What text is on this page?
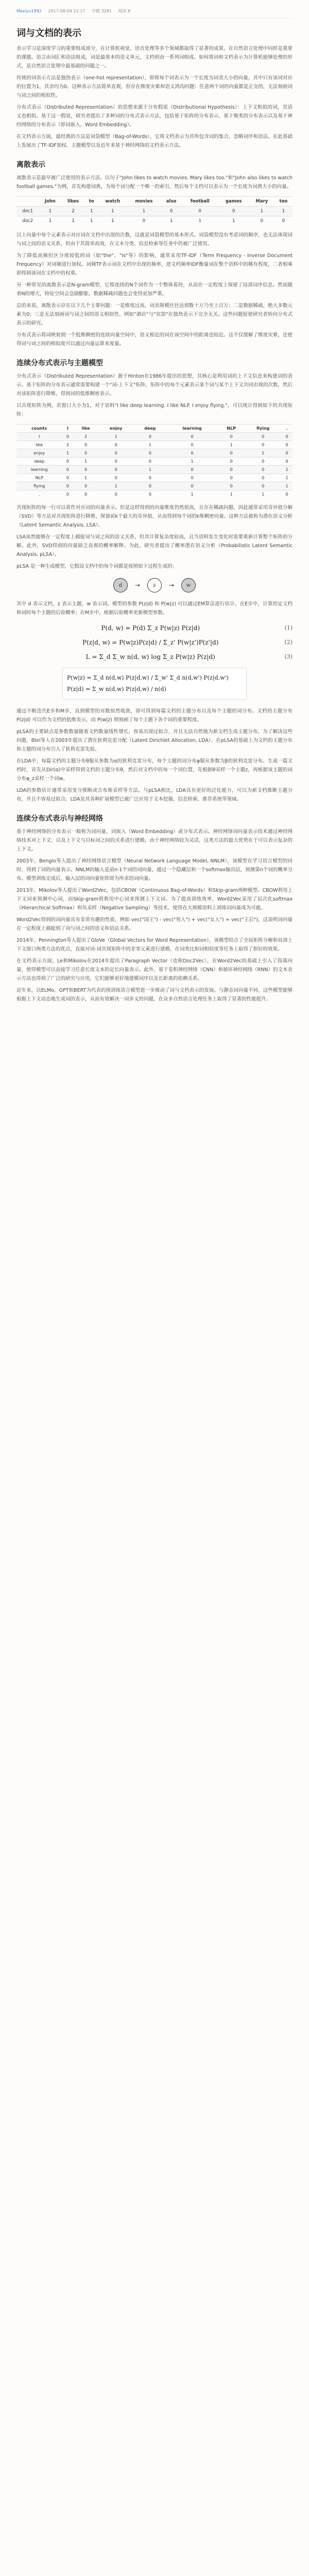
Mexiyu1992 2017-08-04 21:17 字数 3281 阅读 8
词与文档的表示

表示学习是深度学习的重要组成部分，在计算机视觉、语音处理等多个领域都取得了显著的成果，在自然语言处理中同样是重要的课题。语言由词汇和语法组成，词是最基本的语义单元，文档则由一系列词组成。如何将词和文档表示为计算机能够处理的形式，是自然语言处理中最基础的问题之一。

传统的词表示方法是独热表示（one-hot representation），即将每个词表示为一个长度为词表大小的向量，其中只有该词对应的位置为1，其余均为0。这种表示方法简单直观，但存在维度灾难和语义鸿沟问题：任意两个词的向量都是正交的，无法刻画词与词之间的相似性。

分布式表示（Distributed Representation）的思想来源于分布假说（Distributional Hypothesis）：上下文相似的词，其语义也相似。基于这一假说，研究者提出了多种词的分布式表示方法，包括基于矩阵的分布表示、基于聚类的分布表示以及基于神经网络的分布表示（即词嵌入，Word Embedding）。

在文档表示方面，最经典的方法是词袋模型（Bag-of-Words），它将文档表示为其所包含词的集合，忽略词序和语法。在此基础上发展出了TF-IDF加权、主题模型以及近年来基于神经网络的文档表示方法。

离散表示

离散表示是最早被广泛使用的表示方法。以句子"John likes to watch movies. Mary likes too."和"John also likes to watch football games."为例，首先构建词典，为每个词分配一个唯一的索引，然后每个文档可以表示为一个长度为词典大小的向量。

	John	likes	to	watch	movies	also	football	games	Mary	too
doc1	1	2	1	1	1	0	0	0	1	1
doc2	1	1	1	1	0	1	1	1	0	0

以上向量中每个元素表示对应词在文档中出现的次数，这就是词袋模型的基本形式。词袋模型没有考虑词的顺序，也无法体现词与词之间的语义关系，但由于其简单高效，在文本分类、信息检索等任务中仍被广泛使用。

为了降低高频但区分度较低的词（如"the"、"is"等）的影响，通常采用TF-IDF（Term Frequency - Inverse Document Frequency）对词频进行加权。词频TF表示词在文档中出现的频率，逆文档频率IDF衡量词在整个语料中的稀有程度，二者相乘即得到该词在文档中的权重。

另一种常见的离散表示是N-gram模型，它将连续的N个词作为一个整体看待，从而在一定程度上保留了局部词序信息。然而随着N的增大，特征空间会急剧膨胀，数据稀疏问题也会变得更加严重。

总的来说，离散表示存在以下几个主要问题：一是维度过高，词表规模往往达到数十万乃至上百万；二是数据稀疏，绝大多数元素为0；三是无法刻画词与词之间的语义相似性，例如"酒店"与"宾馆"在独热表示下完全无关。这些问题促使研究者转向分布式表示的研究。

分布式表示将词映射到一个低维稠密的连续向量空间中，语义相近的词在该空间中的距离也较近。这不仅缓解了维度灾难，还使得词与词之间的相似度可以通过向量运算来度量。

连续分布式表示与主题模型

分布式表示（Distributed Representation）源于Hinton在1986年提出的思想，其核心是利用词的上下文信息来构建词的表示。基于矩阵的分布表示通常需要构建一个"词-上下文"矩阵，矩阵中的每个元素表示某个词与某个上下文共同出现的次数，然后对该矩阵进行降维，得到词的低维稠密表示。

以共现矩阵为例，若窗口大小为1，对于语料"I like deep learning. I like NLP. I enjoy flying."，可以统计得到如下的共现矩阵：

counts	I	like	enjoy	deep	learning	NLP	flying	.
I	0	2	1	0	0	0	0	0
like	2	0	0	1	0	1	0	0
enjoy	1	0	0	0	0	0	1	0
deep	0	1	0	0	1	0	0	0
learning	0	0	0	1	0	0	0	1
NLP	0	1	0	0	0	0	0	1
flying	0	0	1	0	0	0	0	1
.	0	0	0	0	1	1	1	0

共现矩阵的每一行可以看作对应词的向量表示。但是这样得到的向量维度仍然很高，且存在稀疏问题。因此通常采用奇异值分解（SVD）等方法对共现矩阵进行降维，保留前k个最大的奇异值，从而得到每个词的k维稠密向量。这种方法被称为潜在语义分析（Latent Semantic Analysis, LSA）。

LSA虽然能够在一定程度上捕捉词与词之间的语义关系，但其计算复杂度较高，且当语料发生变化时需要重新计算整个矩阵的分解。此外，SVD得到的向量缺乏直观的概率解释。为此，研究者提出了概率潜在语义分析（Probabilistic Latent Semantic Analysis, pLSA）。

pLSA 是一种生成模型，它假设文档中的每个词都是按照如下过程生成的：

d	→	z	→	w

其中 d 表示文档，z 表示主题，w 表示词。模型的参数 P(z|d) 和 P(w|z) 可以通过EM算法进行估计。在E步中，计算给定文档和词时每个主题的后验概率；在M步中，根据后验概率更新模型参数。

P(d, w) = P(d) Σ_z P(w|z) P(z|d)	(1)
P(z|d, w) = P(w|z)P(z|d) / Σ_z' P(w|z')P(z'|d)	(2)
L = Σ_d Σ_w n(d, w) log Σ_z P(w|z) P(z|d)	(3)
P(w|z) = Σ_d n(d,w) P(z|d,w) / Σ_w' Σ_d n(d,w') P(z|d,w')
P(z|d) = Σ_w n(d,w) P(z|d,w) / n(d)

通过不断迭代E步和M步，直到模型的对数似然收敛，即可得到每篇文档的主题分布以及每个主题的词分布。文档的主题分布 P(z|d) 可以作为文档的低维表示，而 P(w|z) 则刻画了每个主题下各个词的重要程度。

pLSA的主要缺点是参数数量随着文档数量线性增长，容易出现过拟合，并且无法自然地为新文档生成主题分布。为了解决这些问题，Blei等人在2003年提出了潜在狄利克雷分配（Latent Dirichlet Allocation, LDA），在pLSA的基础上为文档的主题分布和主题的词分布引入了狄利克雷先验。

在LDA中，每篇文档的主题分布θ服从参数为α的狄利克雷分布，每个主题的词分布φ服从参数为β的狄利克雷分布。生成一篇文档时，首先从Dir(α)中采样得到文档的主题分布θ，然后对文档中的每一个词位置，先根据θ采样一个主题z，再根据该主题的词分布φ_z采样一个词w。

LDA的参数估计通常采用变分推断或吉布斯采样等方法。与pLSA相比，LDA具有更好的泛化能力，可以为新文档推断主题分布，并且不容易过拟合。LDA及其各种扩展模型已被广泛应用于文本挖掘、信息检索、推荐系统等领域。

连续分布式表示与神经网络

基于神经网络的分布表示一般称为词向量、词嵌入（Word Embedding）或分布式表示。神经网络词向量表示技术通过神经网络技术对上下文，以及上下文与目标词之间的关系进行建模。由于神经网络较为灵活，这类方法的最大优势在于可以表示复杂的上下文。

2003年，Bengio等人提出了神经网络语言模型（Neural Network Language Model, NNLM），该模型在学习语言模型的同时，得到了词的向量表示。NNLM的输入是前n-1个词的词向量，通过一个隐藏层和一个softmax输出层，预测第n个词的概率分布。模型训练完成后，输入层的词向量矩阵即为所求的词向量。

2013年，Mikolov等人提出了Word2Vec，包括CBOW（Continuous Bag-of-Words）和Skip-gram两种模型。CBOW利用上下文词来预测中心词，而Skip-gram则利用中心词来预测上下文词。为了提高训练效率，Word2Vec采用了层次化softmax（Hierarchical Softmax）和负采样（Negative Sampling）等技术，使得在大规模语料上训练词向量成为可能。

Word2Vec得到的词向量具有非常有趣的性质，例如 vec("国王") - vec("男人") + vec("女人") ≈ vec("王后")，这说明词向量在一定程度上捕捉到了词与词之间的语义和语法关系。

2014年，Pennington等人提出了GloVe（Global Vectors for Word Representation），该模型结合了全局矩阵分解和局部上下文窗口两类方法的优点，直接对词-词共现矩阵中的非零元素进行建模，在词类比和词相似度等任务上取得了很好的效果。

在文档表示方面，Le和Mikolov在2014年提出了Paragraph Vector（也称Doc2Vec），在Word2Vec的基础上引入了段落向量，使得模型可以直接学习任意长度文本的定长向量表示。此外，基于卷积神经网络（CNN）和循环神经网络（RNN）的文本表示方法也得到了广泛的研究与应用，它们能够更好地建模词序以及长距离的依赖关系。

近年来，以ELMo、GPT和BERT为代表的预训练语言模型进一步推动了词与文档表示的发展。与静态词向量不同，这些模型能够根据上下文动态地生成词的表示，从而有效解决一词多义的问题，在众多自然语言处理任务上取得了显著的性能提升。
